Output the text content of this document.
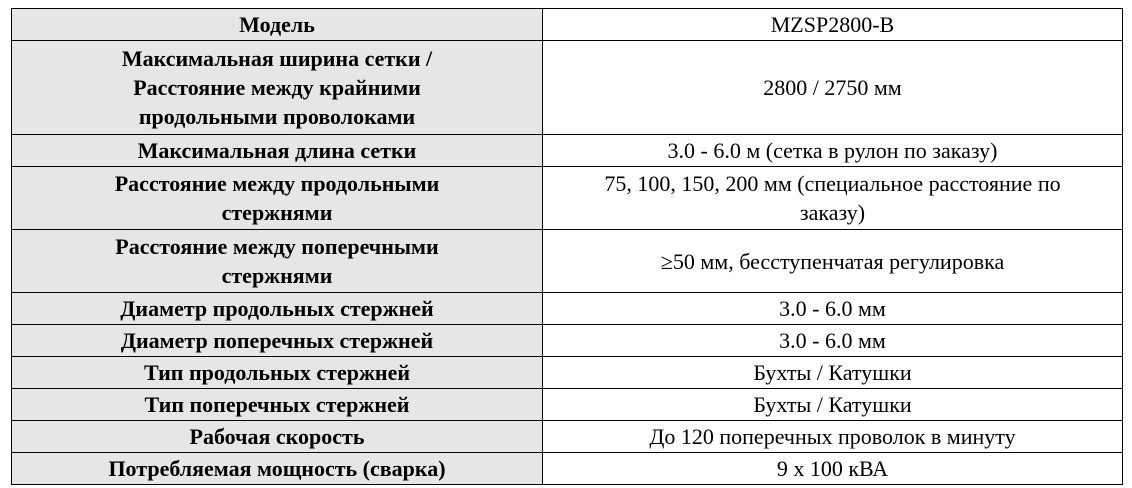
Модель	MZSP2800-B

Максимальная ширина сетки /
Расстояние между крайними
продольными проволоками	2800 / 2750 мм

Максимальная длина сетки	3.0 - 6.0 м (сетка в рулон по заказу)

Расстояние между продольными
стержнями	75, 100, 150, 200 мм (специальное расстояние по
заказу)

Расстояние между поперечными
стержнями	≥50 мм, бесступенчатая регулировка

Диаметр продольных стержней	3.0 - 6.0 мм

Диаметр поперечных стержней	3.0 - 6.0 мм

Тип продольных стержней	Бухты / Катушки

Тип поперечных стержней	Бухты / Катушки

Рабочая скорость	До 120 поперечных проволок в минуту

Потребляемая мощность (сварка)	9 x 100 кВА
